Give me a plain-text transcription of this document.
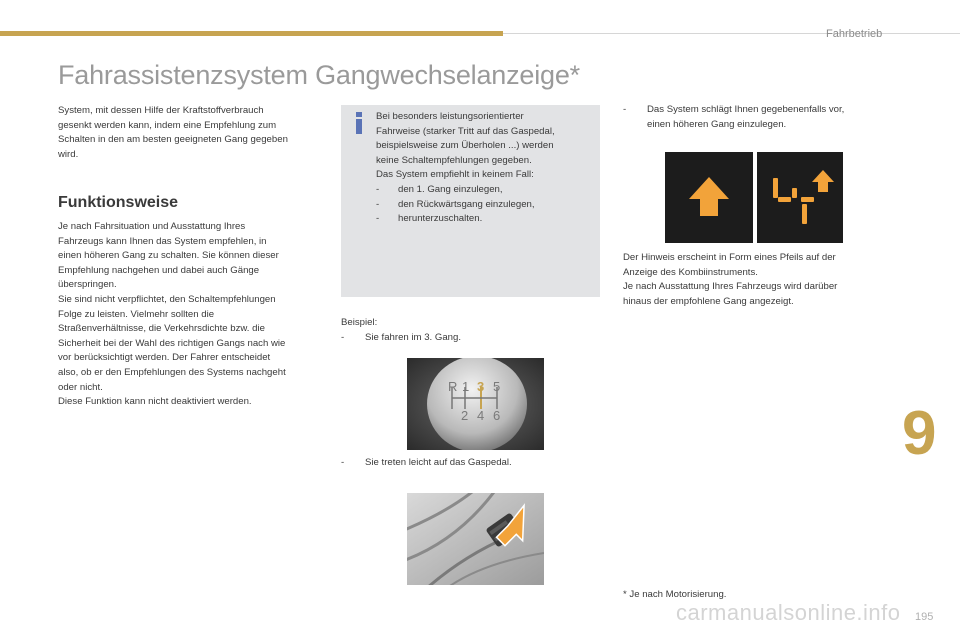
Fahrbetrieb
Fahrassistenzsystem Gangwechselanzeige*

System, mit dessen Hilfe der Kraftstoffverbrauch

gesenkt werden kann, indem eine Empfehlung zum

Schalten in den am besten geeigneten Gang gegeben

wird.

Funktionsweise

Je nach Fahrsituation und Ausstattung Ihres

Fahrzeugs kann Ihnen das System empfehlen, in

einen höheren Gang zu schalten. Sie können dieser

Empfehlung nachgehen und dabei auch Gänge

überspringen.

Sie sind nicht verpflichtet, den Schaltempfehlungen

Folge zu leisten. Vielmehr sollten die

Straßenverhältnisse, die Verkehrsdichte bzw. die

Sicherheit bei der Wahl des richtigen Gangs nach wie

vor berücksichtigt werden. Der Fahrer entscheidet

also, ob er den Empfehlungen des Systems nachgeht

oder nicht.

Diese Funktion kann nicht deaktiviert werden.

Bei besonders leistungsorientierter

Fahrweise (starker Tritt auf das Gaspedal,

beispielsweise zum Überholen ...) werden

keine Schaltempfehlungen gegeben.

Das System empfiehlt in keinem Fall:

- den 1. Gang einzulegen,
- den Rückwärtsgang einzulegen,
- herunterzuschalten.
Beispiel:
- Sie fahren im 3. Gang.
R 1 3 5
2 4 6
- Sie treten leicht auf das Gaspedal.
- Das System schlägt Ihnen gegebenenfalls vor,
einen höheren Gang einzulegen.

Der Hinweis erscheint in Form eines Pfeils auf der

Anzeige des Kombiinstruments.

Je nach Ausstattung Ihres Fahrzeugs wird darüber

hinaus der empfohlene Gang angezeigt.

* Je nach Motorisierung.
9
carmanualsonline.info 195
